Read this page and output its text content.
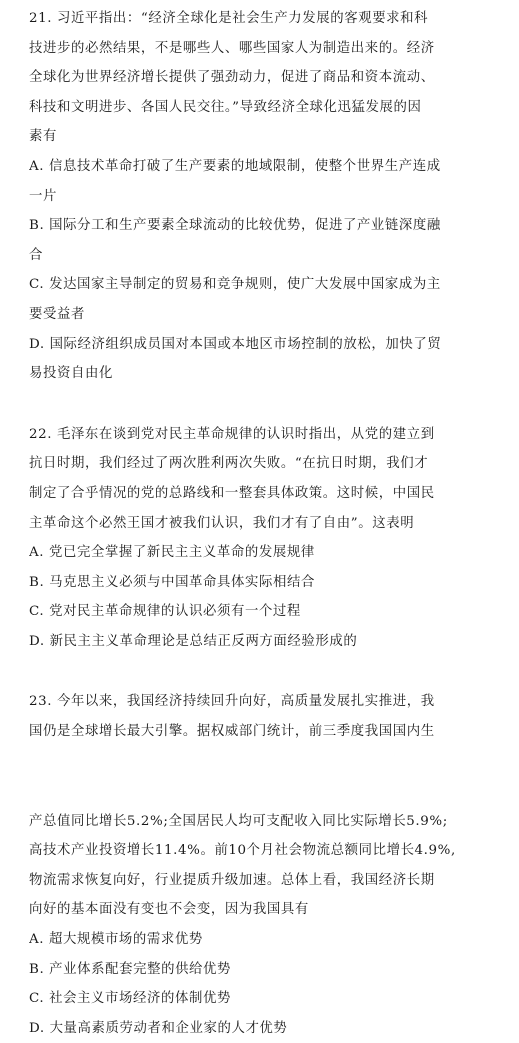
21. 习近平指出：“经济全球化是社会生产力发展的客观要求和科
技进步的必然结果，不是哪些人、哪些国家人为制造出来的。经济
全球化为世界经济增长提供了强劲动力，促进了商品和资本流动、
科技和文明进步、各国人民交往。”导致经济全球化迅猛发展的因
素有
A. 信息技术革命打破了生产要素的地域限制，使整个世界生产连成
一片
B. 国际分工和生产要素全球流动的比较优势，促进了产业链深度融
合
C. 发达国家主导制定的贸易和竞争规则，使广大发展中国家成为主
要受益者
D. 国际经济组织成员国对本国或本地区市场控制的放松，加快了贸
易投资自由化
22. 毛泽东在谈到党对民主革命规律的认识时指出，从党的建立到
抗日时期，我们经过了两次胜利两次失败。“在抗日时期，我们才
制定了合乎情况的党的总路线和一整套具体政策。这时候，中国民
主革命这个必然王国才被我们认识，我们才有了自由”。这表明
A. 党已完全掌握了新民主主义革命的发展规律
B. 马克思主义必须与中国革命具体实际相结合
C. 党对民主革命规律的认识必须有一个过程
D. 新民主主义革命理论是总结正反两方面经验形成的
23. 今年以来，我国经济持续回升向好，高质量发展扎实推进，我
国仍是全球增长最大引擎。据权威部门统计，前三季度我国国内生
产总值同比增长5.2%;全国居民人均可支配收入同比实际增长5.9%;
高技术产业投资增长11.4%。前10个月社会物流总额同比增长4.9%,
物流需求恢复向好，行业提质升级加速。总体上看，我国经济长期
向好的基本面没有变也不会变，因为我国具有
A. 超大规模市场的需求优势
B. 产业体系配套完整的供给优势
C. 社会主义市场经济的体制优势
D. 大量高素质劳动者和企业家的人才优势
